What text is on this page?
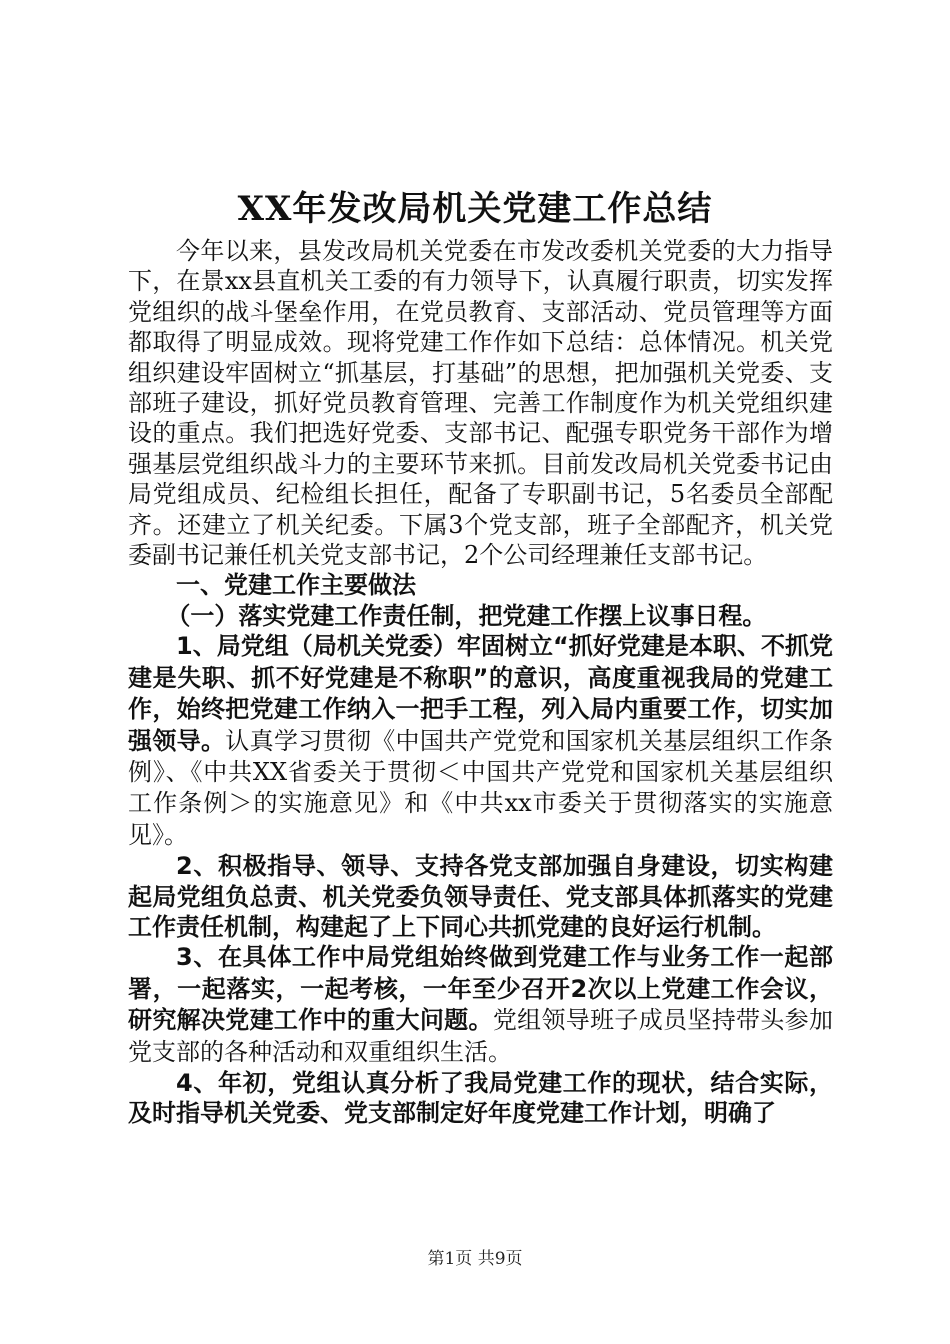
XX年发改局机关党建工作总结

今年以来，县发改局机关党委在市发改委机关党委的大力指导下，在景xx县直机关工委的有力领导下，认真履行职责，切实发挥党组织的战斗堡垒作用，在党员教育、支部活动、党员管理等方面都取得了明显成效。现将党建工作作如下总结：总体情况。机关党组织建设牢固树立“抓基层，打基础”的思想，把加强机关党委、支部班子建设，抓好党员教育管理、完善工作制度作为机关党组织建设的重点。我们把选好党委、支部书记、配强专职党务干部作为增强基层党组织战斗力的主要环节来抓。目前发改局机关党委书记由局党组成员、纪检组长担任，配备了专职副书记，5名委员全部配齐。还建立了机关纪委。下属3个党支部，班子全部配齐，机关党委副书记兼任机关党支部书记，2个公司经理兼任支部书记。

一、党建工作主要做法

（一）落实党建工作责任制，把党建工作摆上议事日程。

1、局党组（局机关党委）牢固树立“抓好党建是本职、不抓党建是失职、抓不好党建是不称职”的意识，高度重视我局的党建工作，始终把党建工作纳入一把手工程，列入局内重要工作，切实加强领导。认真学习贯彻《中国共产党党和国家机关基层组织工作条例》、《中共XX省委关于贯彻＜中国共产党党和国家机关基层组织工作条例＞的实施意见》和《中共xx市委关于贯彻落实的实施意见》。

2、积极指导、领导、支持各党支部加强自身建设，切实构建起局党组负总责、机关党委负领导责任、党支部具体抓落实的党建工作责任机制，构建起了上下同心共抓党建的良好运行机制。

3、在具体工作中局党组始终做到党建工作与业务工作一起部署，一起落实，一起考核，一年至少召开2次以上党建工作会议，研究解决党建工作中的重大问题。党组领导班子成员坚持带头参加党支部的各种活动和双重组织生活。

4、年初，党组认真分析了我局党建工作的现状，结合实际，及时指导机关党委、党支部制定好年度党建工作计划，明确了

第1页 共9页
